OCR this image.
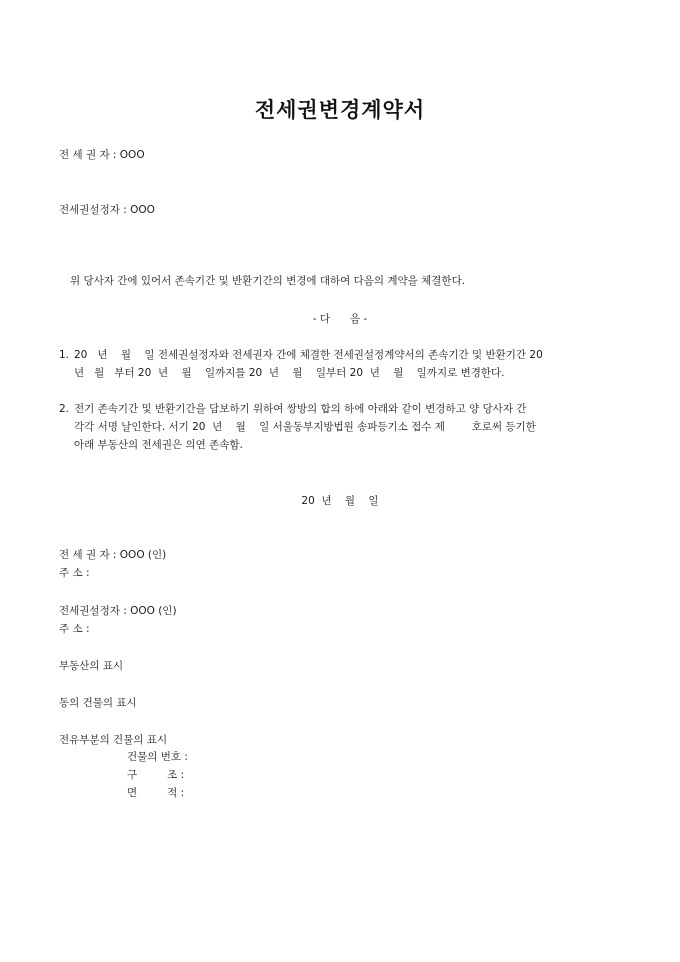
전세권변경계약서
전 세 권 자 : OOO
전세권설정자 : OOO
위 당사자 간에 있어서 존속기간 및 반환기간의 변경에 대하여 다음의 계약을 체결한다.
- 다      음 -
1. 20   년    월    일 전세권설정자와 전세권자 간에 체결한 전세권설정계약서의 존속기간 및 반환기간 20
년   월   부터 20  년    월    일까지를 20  년    월    일부터 20  년    월    일까지로 변경한다.
2. 전기 존속기간 및 반환기간을 담보하기 위하여 쌍방의 합의 하에 아래와 같이 변경하고 양 당사자 간
각각 서명 날인한다. 서기 20  년    월    일 서울동부지방법원 송파등기소 접수 제        호로써 등기한
아래 부동산의 전세권은 의연 존속함.
20  년    월    일
전 세 권 자 : OOO (인)
주 소 :
전세권설정자 : OOO (인)
주 소 :
부동산의 표시
동의 건물의 표시
전유부분의 건물의 표시
건물의 번호 :
구         조 :
면         적 :
